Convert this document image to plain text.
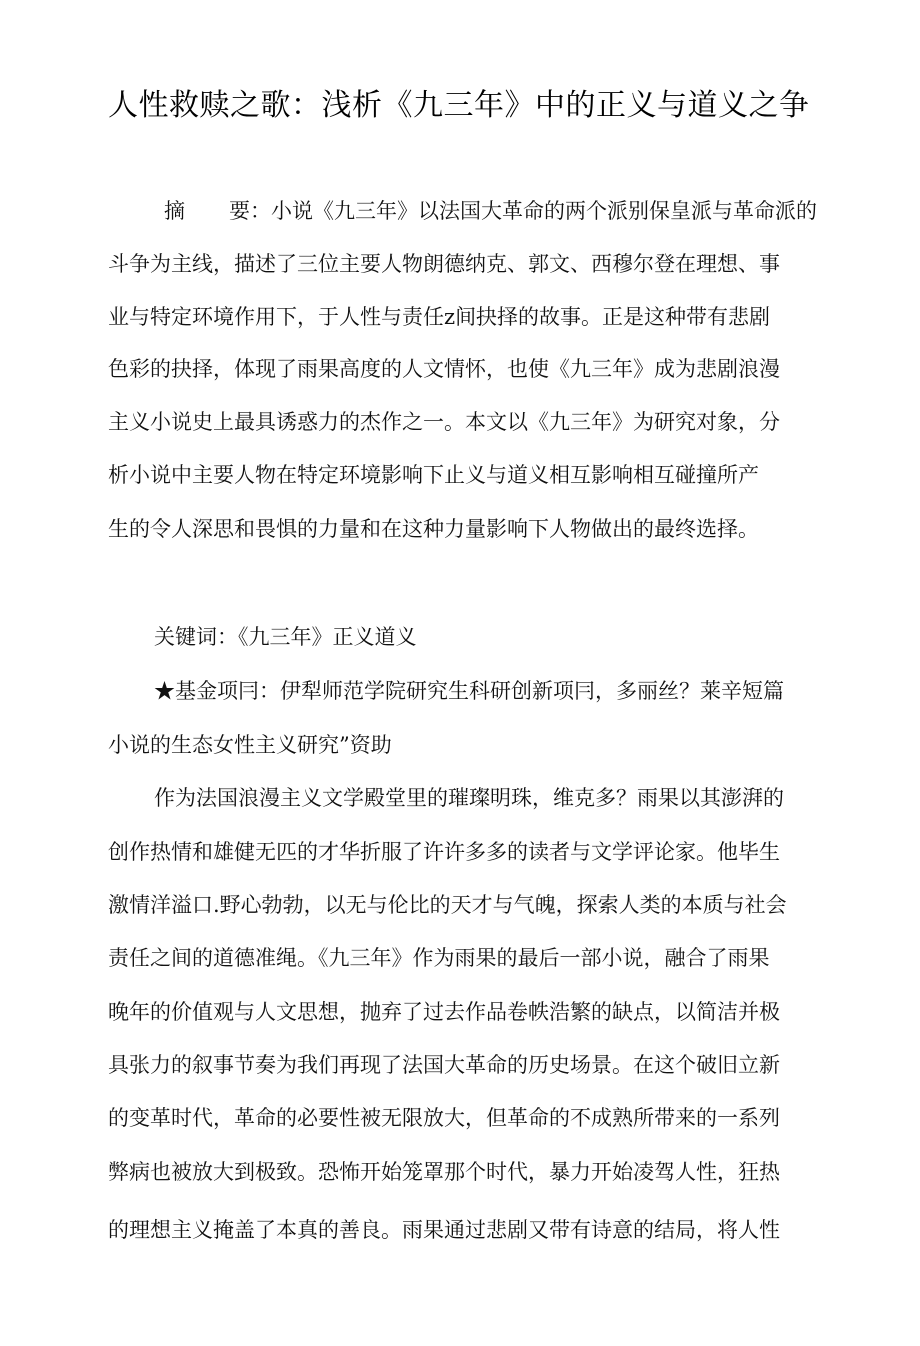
人性救赎之歌：浅析《九三年》中的正义与道义之争
摘 要：小说《九三年》以法国大革命的两个派别保皇派与革命派的
斗争为主线，描述了三位主要人物朗德纳克、郭文、西穆尔登在理想、事
业与特定环境作用下，于人性与责任z间抉择的故事。正是这种带有悲剧
色彩的抉择，体现了雨果高度的人文情怀，也使《九三年》成为悲剧浪漫
主义小说史上最具诱惑力的杰作之一。本文以《九三年》为研究对象，分
析小说中主要人物在特定环境影响下止义与道义相互影响相互碰撞所产
生的令人深思和畏惧的力量和在这种力量影响下人物做出的最终选择。
关键词：《九三年》正义道义
★基金项冃：伊犁师范学院研究生科研创新项冃，多丽丝？莱辛短篇
小说的生态女性主义研究”资助
作为法国浪漫主义文学殿堂里的璀璨明珠，维克多？雨果以其澎湃的
创作热情和雄健无匹的才华折服了许许多多的读者与文学评论家。他毕生
激情洋溢口.野心勃勃，以无与伦比的天才与气魄，探索人类的本质与社会
责任之间的道德准绳。《九三年》作为雨果的最后一部小说，融合了雨果
晚年的价值观与人文思想，抛弃了过去作品卷帙浩繁的缺点，以简洁并极
具张力的叙事节奏为我们再现了法国大革命的历史场景。在这个破旧立新
的变革时代，革命的必要性被无限放大，但革命的不成熟所带来的一系列
弊病也被放大到极致。恐怖开始笼罩那个时代，暴力开始凌驾人性，狂热
的理想主义掩盖了本真的善良。雨果通过悲剧又带有诗意的结局，将人性
